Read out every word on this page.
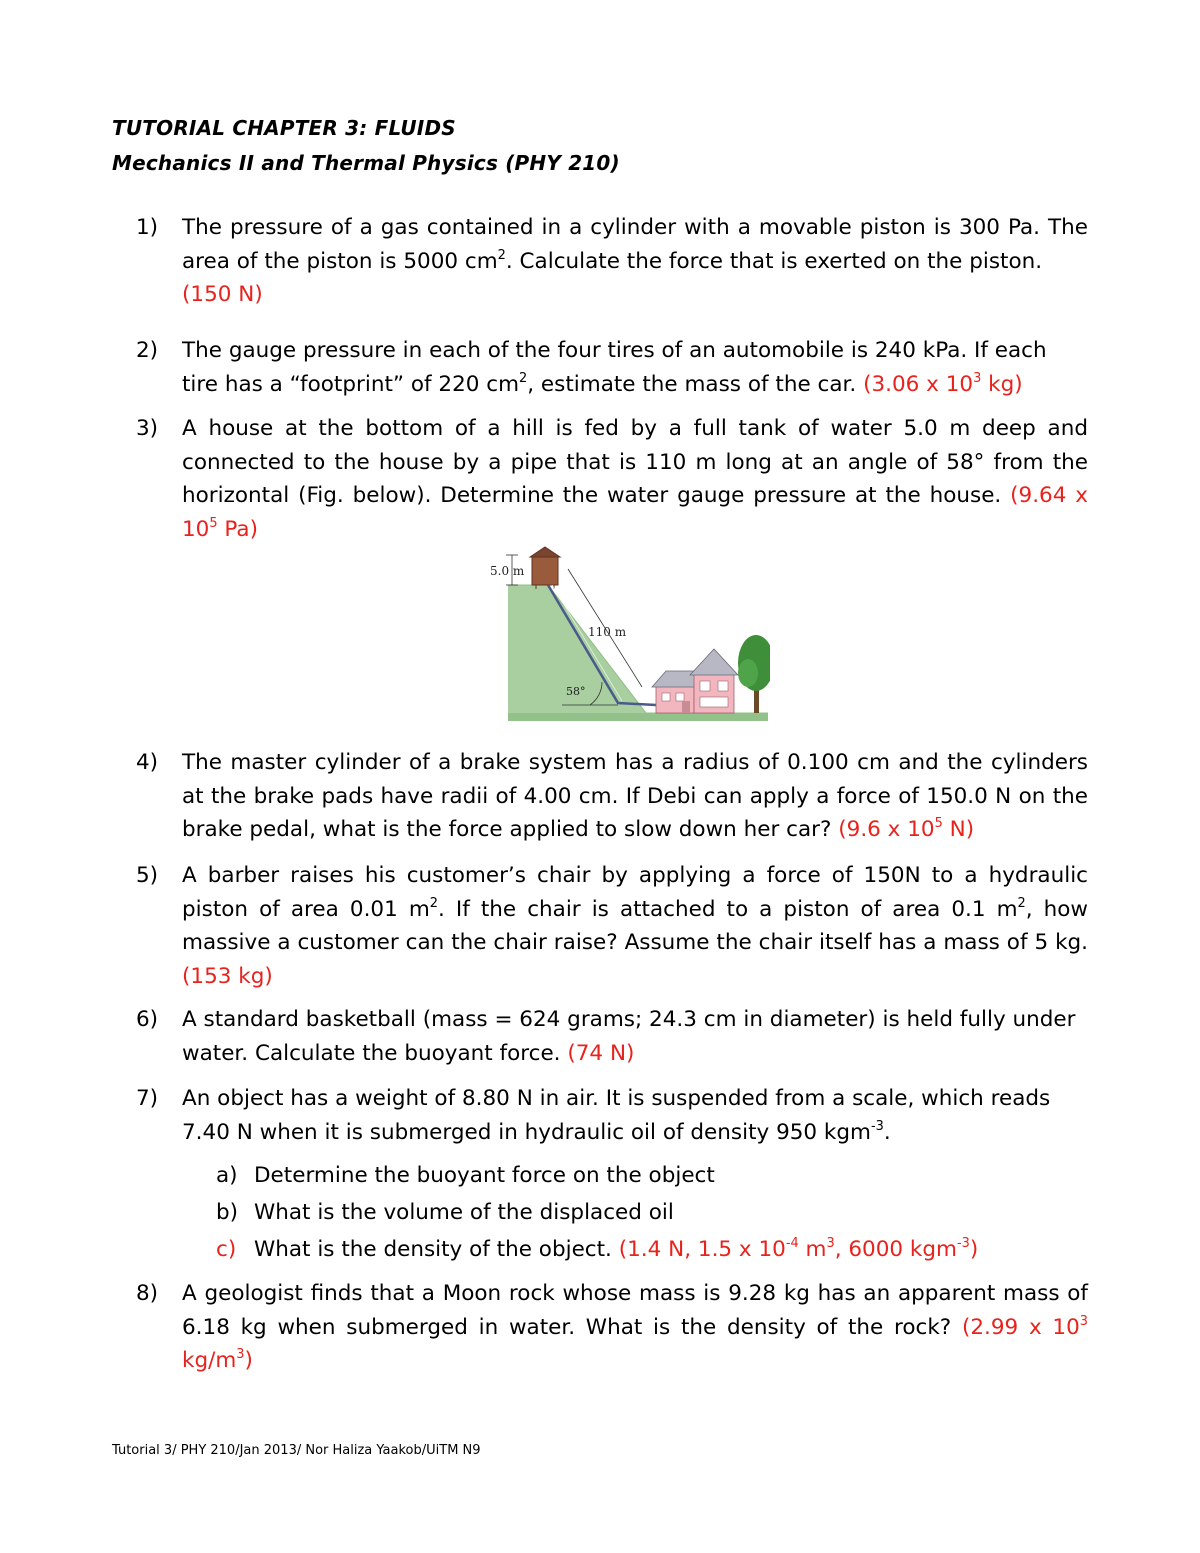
TUTORIAL CHAPTER 3: FLUIDS
Mechanics II and Thermal Physics (PHY 210)
1) The pressure of a gas contained in a cylinder with a movable piston is 300 Pa. The area of the piston is 5000 $cm^2$. Calculate the force that is exerted on the piston.
(150 N)
2) The gauge pressure in each of the four tires of an automobile is 240 kPa. If each tire has a “footprint” of 220 $cm^2$, estimate the mass of the car. (3.06 x $10^3$ kg)
3) A house at the bottom of a hill is fed by a full tank of water 5.0 m deep and connected to the house by a pipe that is 110 m long at an angle of 58° from the horizontal (Fig. below). Determine the water gauge pressure at the house. (9.64 x $10^5$ Pa)
5.0 m
110 m
58°
4) The master cylinder of a brake system has a radius of 0.100 cm and the cylinders at the brake pads have radii of 4.00 cm. If Debi can apply a force of 150.0 N on the brake pedal, what is the force applied to slow down her car? (9.6 x $10^5$ N)
5) A barber raises his customer’s chair by applying a force of 150N to a hydraulic piston of area 0.01 $m^2$. If the chair is attached to a piston of area 0.1 $m^2$, how massive a customer can the chair raise? Assume the chair itself has a mass of 5 kg. (153 kg)
6) A standard basketball (mass = 624 grams; 24.3 cm in diameter) is held fully under water. Calculate the buoyant force. (74 N)
7) An object has a weight of 8.80 N in air. It is suspended from a scale, which reads 7.40 N when it is submerged in hydraulic oil of density 950 kgm$^{-3}$.
a) Determine the buoyant force on the object
b) What is the volume of the displaced oil
c) What is the density of the object. (1.4 N, 1.5 x $10^{-4}$ $m^3$, 6000 kgm$^{-3}$)
8) A geologist finds that a Moon rock whose mass is 9.28 kg has an apparent mass of 6.18 kg when submerged in water. What is the density of the rock? (2.99 x $10^3$ $kg/m^3$)
Tutorial 3/ PHY 210/Jan 2013/ Nor Haliza Yaakob/UiTM N9
